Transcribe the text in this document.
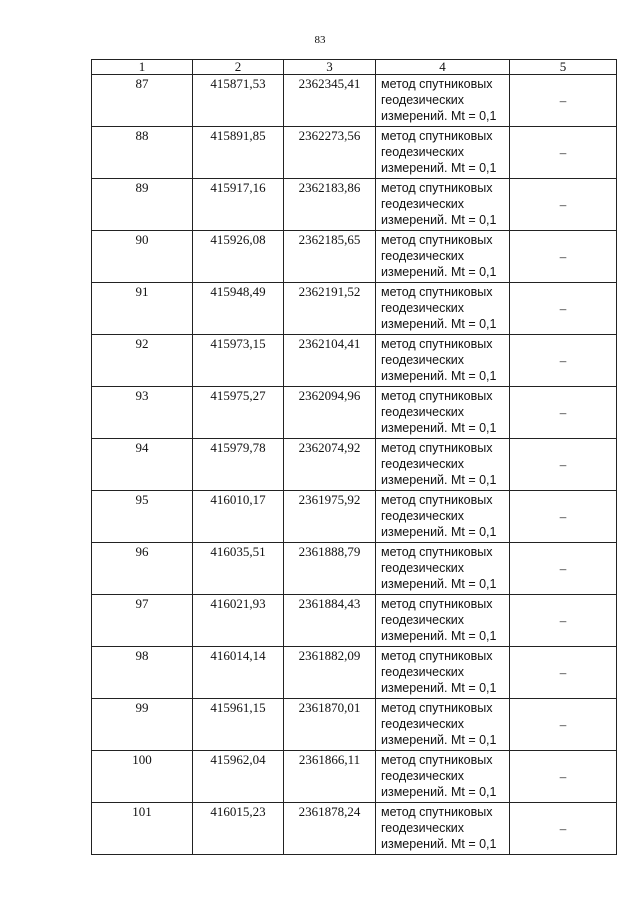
83
1	2	3	4	5
87	415871,53	2362345,41	метод спутниковых
геодезических
измерений. Mt = 0,1	–
88	415891,85	2362273,56	метод спутниковых
геодезических
измерений. Mt = 0,1	–
89	415917,16	2362183,86	метод спутниковых
геодезических
измерений. Mt = 0,1	–
90	415926,08	2362185,65	метод спутниковых
геодезических
измерений. Mt = 0,1	–
91	415948,49	2362191,52	метод спутниковых
геодезических
измерений. Mt = 0,1	–
92	415973,15	2362104,41	метод спутниковых
геодезических
измерений. Mt = 0,1	–
93	415975,27	2362094,96	метод спутниковых
геодезических
измерений. Mt = 0,1	–
94	415979,78	2362074,92	метод спутниковых
геодезических
измерений. Mt = 0,1	–
95	416010,17	2361975,92	метод спутниковых
геодезических
измерений. Mt = 0,1	–
96	416035,51	2361888,79	метод спутниковых
геодезических
измерений. Mt = 0,1	–
97	416021,93	2361884,43	метод спутниковых
геодезических
измерений. Mt = 0,1	–
98	416014,14	2361882,09	метод спутниковых
геодезических
измерений. Mt = 0,1	–
99	415961,15	2361870,01	метод спутниковых
геодезических
измерений. Mt = 0,1	–
100	415962,04	2361866,11	метод спутниковых
геодезических
измерений. Mt = 0,1	–
101	416015,23	2361878,24	метод спутниковых
геодезических
измерений. Mt = 0,1	–
